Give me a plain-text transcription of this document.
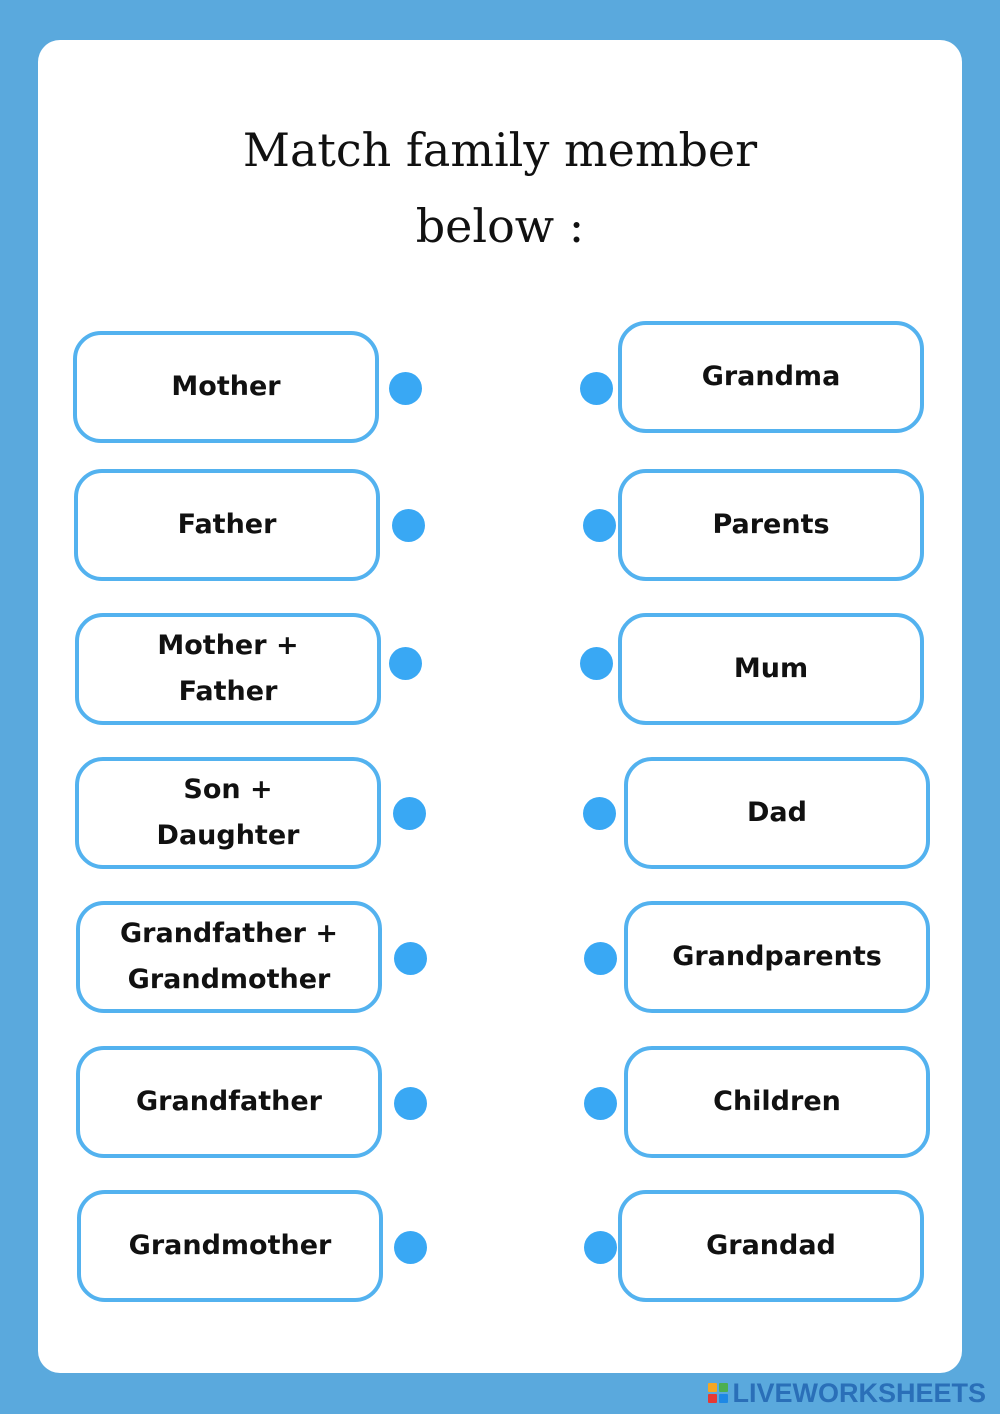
Match family member
below :
Mother
Father
Mother +
Father
Son +
Daughter
Grandfather +
Grandmother
Grandfather
Grandmother
Grandma
Parents
Mum
Dad
Grandparents
Children
Grandad
LIVEWORKSHEETS
